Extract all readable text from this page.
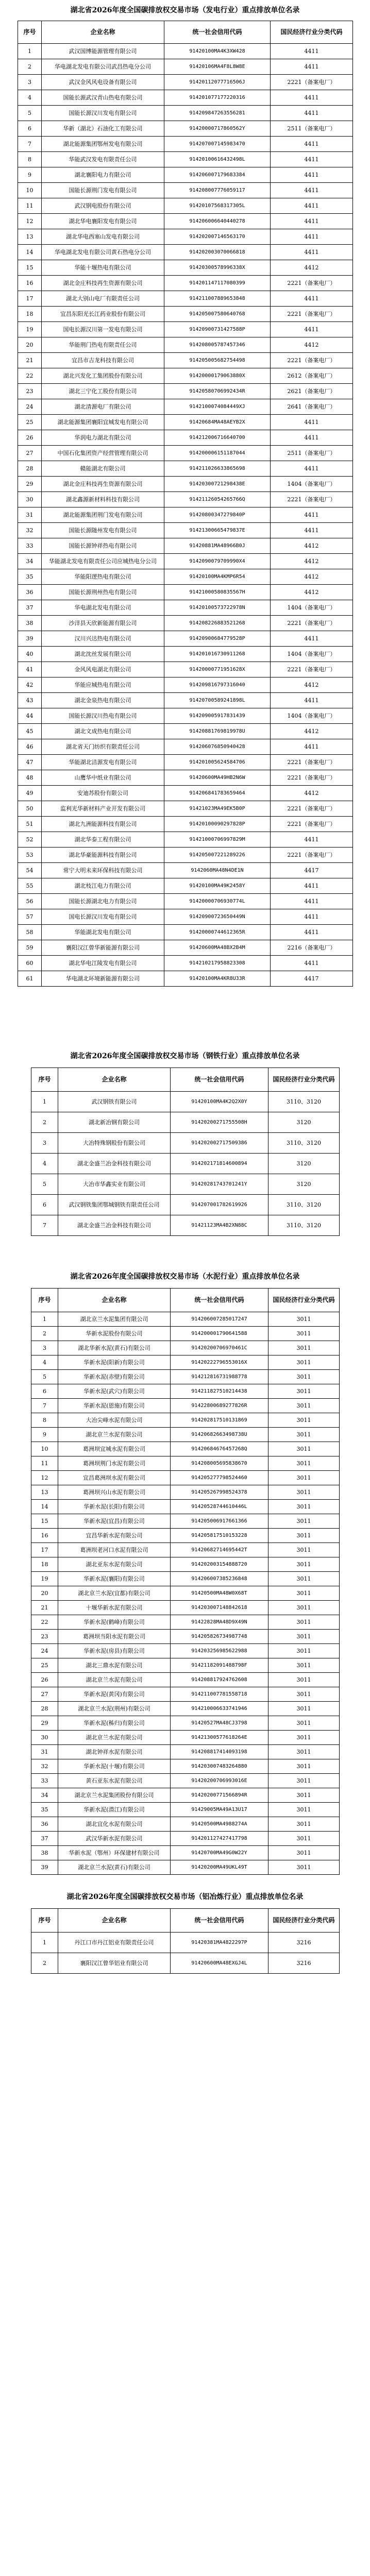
湖北省2026年度全国碳排放权交易市场（发电行业）重点排放单位名录
序号	企业名称	统一社会信用代码	国民经济行业分类代码
1	武汉国博能源管理有限公司	91420100MA4K3XW428	4411
2	华电湖北发电有限公司武昌热电分公司	91420106MA4F8L8W8E	4411
3	武汉金风风电设备有限公司	91420112077716506J	2221（备案电厂）
4	国能长源武汉青山热电有限公司	914201077177220316	4411
5	国能长源汉川发电有限公司	914209847263556281	4411
6	华新（湖北）石油化工有限公司	91420000717860562Y	2511（备案电厂）
7	湖北能源集团鄂州发电有限公司	914207007145983470	4411
8	华能武汉发电有限责任公司	91420100616432498L	4411
9	湖北襄阳电力有限公司	914206007179683384	4411
10	国能长源荆门发电有限公司	914208007776059117	4411
11	武汉钢电股份有限公司	91420107568317305L	4411
12	湖北华电襄阳发电有限公司	914206006640440278	4411
13	湖北华电西塞山发电有限公司	914202007146563170	4411
14	华电湖北发电有限公司黄石热电分公司	914202003070066818	4411
15	华能十堰热电有限公司	91420300578996338X	4412
16	湖北金庄科技再生资源有限公司	914201147117080399	2221（备案电厂）
17	湖北大别山电厂有限责任公司	914211007889653848	4411
18	宜昌东阳光长江药业股份有限公司	914205007580640768	2221（备案电厂）
19	国电长源汉川第一发电有限公司	91420900731427588P	4411
20	华能荆门热电有限责任公司	914208005787457346	4412
21	宜昌市吉龙科技有限公司	914205005682754498	2221（备案电厂）
22	湖北兴发化工集团股份有限公司	91420000179063880X	2612（备案电厂）
23	湖北三宁化工股份有限公司	91420580706992434R	2621（备案电厂）
24	湖北清源电厂有限公司	9142100074084449XJ	2641（备案电厂）
25	湖北能源集团襄阳宜城发电有限公司	91420684MA48AEYB2X	4411
26	华润电力湖北有限公司	914212006716640700	4411
27	中国石化集团资产经营管理有限公司	914200006151187044	2511（备案电厂）
28	赣能湖北有限公司	914211026633865698	4411
29	湖北金庄科技再生资源有限公司	91420300721298438E	1404（备案电厂）
30	湖北鑫源新材料科技有限公司	91421126054265766Q	2221（备案电厂）
31	湖北能源集团荆门发电有限公司	91420800347279840P	4411
32	国能长源随州发电有限公司	91421300665479837E	4411
33	国能长源钟祥热电有限公司	91420881MA48966B0J	4412
34	华能湖北发电有限责任公司应城热电分公司	9142090079709990X4	4412
35	华能阳逻热电有限公司	91420100MA4KMP6R54	4412
36	国能长源荆州热电有限公司	91421000580835567H	4412
37	华电湖北发电有限公司	91420100573722978N	1404（备案电厂）
38	沙洋县天欣新能源有限公司	914208226883521268	2221（备案电厂）
39	汉川兴达热电有限公司	91420900684779528P	4411
40	湖北沈丝发展有限公司	914201016730911268	1404（备案电厂）
41	金风风电湖北有限公司	91420000771951628X	2221（备案电厂）
42	华能应城热电有限公司	914209816797316040	4412
43	湖北金泉热电有限公司	91420700589241898L	4411
44	国能长源汉川热电有限公司	914209005917831439	1404（备案电厂）
45	湖北文成热电有限公司	91420881769819978U	4412
46	湖北省天门纺织有限责任公司	914206076850940428	4411
47	华能湖北洁源发电有限公司	914201005624584706	2221（备案电厂）
48	山鹰华中纸业有限公司	91420600MA49HB2N6W	2221（备案电厂）
49	安迪苏股份有限公司	914206841783659464	4412
50	监利光华新材料产业开发有限公司	91421023MA49EK5B0P	2221（备案电厂）
51	湖北九洲能源科技有限公司	91420100090297828P	2221（备案电厂）
52	湖北华泰工程有限公司	91421000706997829M	4411
53	湖北华豪能源科技有限公司	914205007221289226	2221（备案电厂）
54	常宁大明未来环保科技有限公司	9142060MA48N4DE1N	4417
55	湖北枝江电力有限公司	91420100MA49K2458Y	4411
56	国能长源湖北电力有限公司	91420000706930774L	4411
57	国电长源汉川发电有限公司	91420900723650449N	4411
58	华能湖北发电有限公司	91420000744612365R	4411
59	襄阳汉江曾华新能源有限公司	91420600MA48BX2B4M	2216（备案电厂）
60	湖北华电江陵发电有限公司	914210217958823308	4411
61	华电湖北环境新能源有限公司	91420100MA4KR8U33R	4417
湖北省2026年度全国碳排放权交易市场（钢铁行业）重点排放单位名录
序号	企业名称	统一社会信用代码	国民经济行业分类代码
1	武汉钢铁有限公司	91420100MA4K2Q2X0Y	3110、3120
2	湖北新冶钢有限公司	91420200271755508H	3120
3	大冶特殊钢股份有限公司	914202002717509386	3110、3120
4	湖北金盛兰冶金科技有限公司	914202171814600894	3120
5	大冶市华鑫实业有限公司	91420281743701241Y	3120
6	武汉钢铁集团鄂城钢铁有限责任公司	914207001782619926	3110、3120
7	湖北金盛兰冶金科技有限公司	91421123MA4B2XN88C	3110、3120
湖北省2026年度全国碳排放权交易市场（水泥行业）重点排放单位名录
序号	企业名称	统一社会信用代码	国民经济行业分类代码
1	湖北京兰水泥集团有限公司	914206007285017247	3011
2	华新水泥股份有限公司	914200001790641588	3011
3	湖北华新水泥(黄石)有限公司	91420200706970461C	3011
4	华新水泥(阳新)有限公司	91420222796553016X	3011
5	华新水泥(赤壁)有限公司	914212816731988778	3011
6	华新水泥(武穴)有限公司	914211827510214438	3011
7	华新水泥(恩施)有限公司	91422800689277826R	3011
8	大冶尖峰水泥有限公司	914202817510131869	3011
9	湖北京兰水泥有限公司	91420682663498738U	3011
10	葛洲坝宜城水泥有限公司	91420684676457268Q	3011
11	葛洲坝荆门水泥有限公司	914208005695838670	3011
12	宜昌葛洲坝水泥有限公司	914205277798524460	3011
13	葛洲坝兴山水泥有限公司	914205267998524378	3011
14	华新水泥(长阳)有限公司	91420528744610446L	3011
15	华新水泥(宜昌)有限公司	914205006917661366	3011
16	宜昌华新水泥有限公司	914205817510153228	3011
17	葛洲坝老河口水泥有限公司	91420682714695442T	3011
18	湖北亚东水泥有限公司	914202003154888720	3011
19	华新水泥(襄阳)有限公司	914206007385236848	3011
20	湖北京兰水泥(宜都)有限公司	91420500MA48W0X68T	3011
21	十堰华新水泥有限公司	914203007148842618	3011
22	华新水泥(鹤峰)有限公司	91422828MA48D9X49N	3011
23	葛洲坝当阳水泥有限公司	914205826734987748	3011
24	华新水泥(房县)有限公司	914203256985622988	3011
25	湖北三鼎水泥有限公司	91421182091488798F	3011
26	湖北京兰水泥有限公司	914208817924762608	3011
27	华新水泥(黄冈)有限公司	914211007781558718	3011
28	湖北京兰水泥(荆州)有限公司	914210006633741946	3011
29	华新水泥(秭归)有限公司	91420527MA48CJ3798	3011
30	湖北京兰水泥有限公司	91421300577618264E	3011
31	湖北钟祥水泥有限公司	914208817414093198	3011
32	华新水泥(十堰)有限公司	914203007483264880	3011
33	黄石亚东水泥有限公司	91420200706993016E	3011
34	湖北京兰水泥集团股份有限公司	91420200771566894R	3011
35	华新水泥(潜江)有限公司	91429005MA49A13U17	3011
36	湖北宜化水泥有限公司	91420500MA4988274A	3011
37	武汉华新水泥有限公司	914201127427417798	3011
38	华新水泥（鄂州）环保建材有限公司	91420700MA49G0W22Y	3011
39	湖北京兰水泥(黄石)有限公司	91420200MA49UKL49T	3011
湖北省2026年度全国碳排放权交易市场（铝冶炼行业）重点排放单位名录
序号	企业名称	统一社会信用代码	国民经济行业分类代码
1	丹江口市丹江铝业有限责任公司	91420381MA4822297P	3216
2	襄阳汉江曾华铝业有限公司	91420600MA48EXGJ4L	3216
